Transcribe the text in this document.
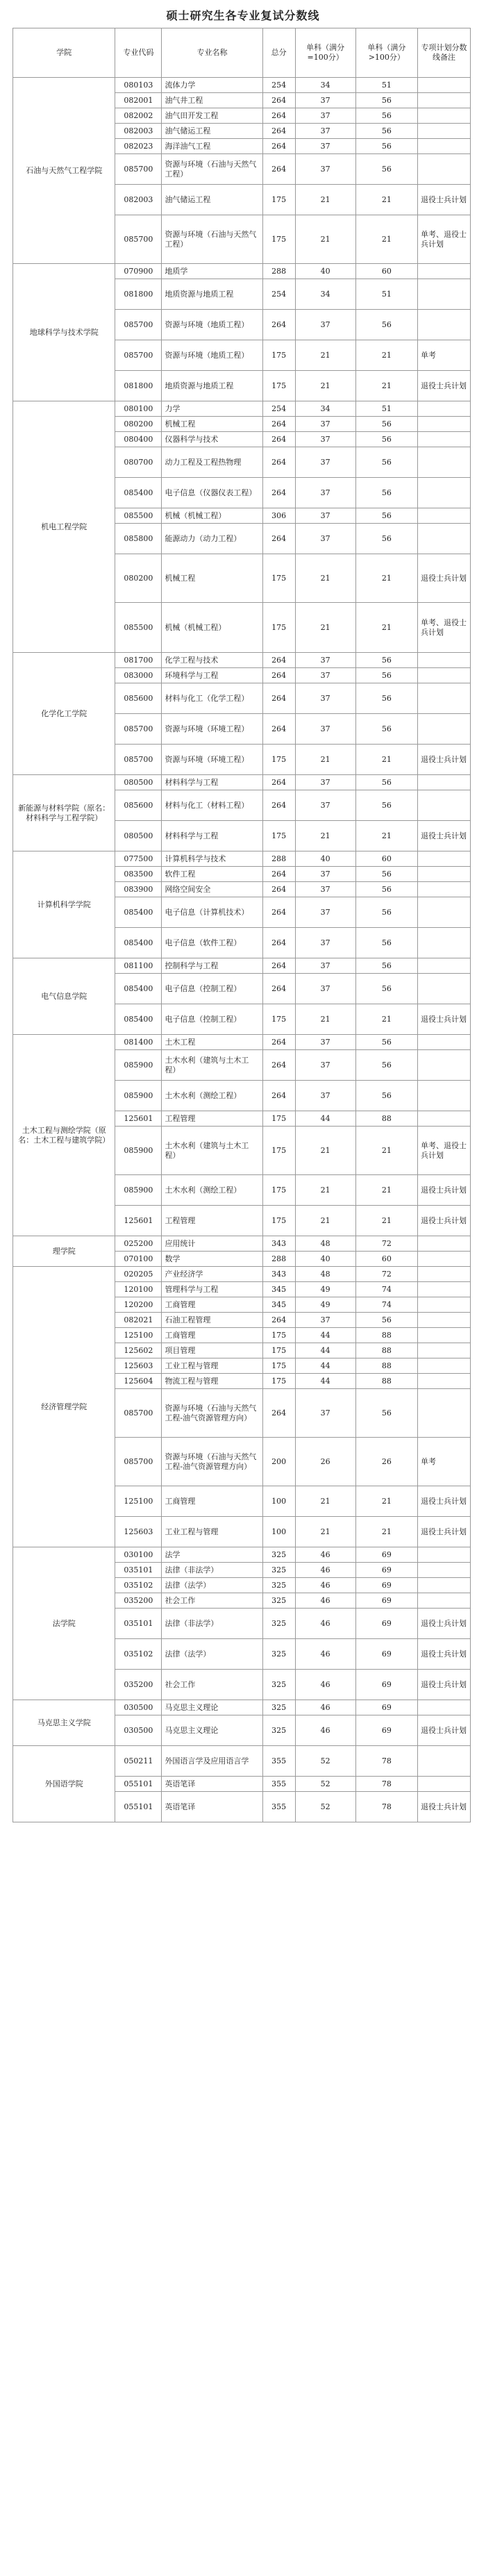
硕士研究生各专业复试分数线
学院	专业代码	专业名称	总分	单科（满分=100分）	单科（满分>100分）	专项计划分数线备注
石油与天然气工程学院	080103	流体力学	254	34	51	
	082001	油气井工程	264	37	56	
	082002	油气田开发工程	264	37	56	
	082003	油气储运工程	264	37	56	
	082023	海洋油气工程	264	37	56	
	085700	资源与环境（石油与天然气工程）	264	37	56	
	082003	油气储运工程	175	21	21	退役士兵计划
	085700	资源与环境（石油与天然气工程）	175	21	21	单考、退役士兵计划
地球科学与技术学院	070900	地质学	288	40	60	
	081800	地质资源与地质工程	254	34	51	
	085700	资源与环境（地质工程）	264	37	56	
	085700	资源与环境（地质工程）	175	21	21	单考
	081800	地质资源与地质工程	175	21	21	退役士兵计划
机电工程学院	080100	力学	254	34	51	
	080200	机械工程	264	37	56	
	080400	仪器科学与技术	264	37	56	
	080700	动力工程及工程热物理	264	37	56	
	085400	电子信息（仪器仪表工程）	264	37	56	
	085500	机械（机械工程）	306	37	56	
	085800	能源动力（动力工程）	264	37	56	
	080200	机械工程	175	21	21	退役士兵计划
	085500	机械（机械工程）	175	21	21	单考、退役士兵计划
化学化工学院	081700	化学工程与技术	264	37	56	
	083000	环境科学与工程	264	37	56	
	085600	材料与化工（化学工程）	264	37	56	
	085700	资源与环境（环境工程）	264	37	56	
	085700	资源与环境（环境工程）	175	21	21	退役士兵计划
新能源与材料学院（原名：材料科学与工程学院）	080500	材料科学与工程	264	37	56	
	085600	材料与化工（材料工程）	264	37	56	
	080500	材料科学与工程	175	21	21	退役士兵计划
计算机科学学院	077500	计算机科学与技术	288	40	60	
	083500	软件工程	264	37	56	
	083900	网络空间安全	264	37	56	
	085400	电子信息（计算机技术）	264	37	56	
	085400	电子信息（软件工程）	264	37	56	
电气信息学院	081100	控制科学与工程	264	37	56	
	085400	电子信息（控制工程）	264	37	56	
	085400	电子信息（控制工程）	175	21	21	退役士兵计划
土木工程与测绘学院（原名：土木工程与建筑学院）	081400	土木工程	264	37	56	
	085900	土木水利（建筑与土木工程）	264	37	56	
	085900	土木水利（测绘工程）	264	37	56	
	125601	工程管理	175	44	88	
	085900	土木水利（建筑与土木工程）	175	21	21	单考、退役士兵计划
	085900	土木水利（测绘工程）	175	21	21	退役士兵计划
	125601	工程管理	175	21	21	退役士兵计划
理学院	025200	应用统计	343	48	72	
	070100	数学	288	40	60	
经济管理学院	020205	产业经济学	343	48	72	
	120100	管理科学与工程	345	49	74	
	120200	工商管理	345	49	74	
	082021	石油工程管理	264	37	56	
	125100	工商管理	175	44	88	
	125602	项目管理	175	44	88	
	125603	工业工程与管理	175	44	88	
	125604	物流工程与管理	175	44	88	
	085700	资源与环境（石油与天然气工程-油气资源管理方向）	264	37	56	
	085700	资源与环境（石油与天然气工程-油气资源管理方向）	200	26	26	单考
	125100	工商管理	100	21	21	退役士兵计划
	125603	工业工程与管理	100	21	21	退役士兵计划
法学院	030100	法学	325	46	69	
	035101	法律（非法学）	325	46	69	
	035102	法律（法学）	325	46	69	
	035200	社会工作	325	46	69	
	035101	法律（非法学）	325	46	69	退役士兵计划
	035102	法律（法学）	325	46	69	退役士兵计划
	035200	社会工作	325	46	69	退役士兵计划
马克思主义学院	030500	马克思主义理论	325	46	69	
	030500	马克思主义理论	325	46	69	退役士兵计划
外国语学院	050211	外国语言学及应用语言学	355	52	78	
	055101	英语笔译	355	52	78	
	055101	英语笔译	355	52	78	退役士兵计划
